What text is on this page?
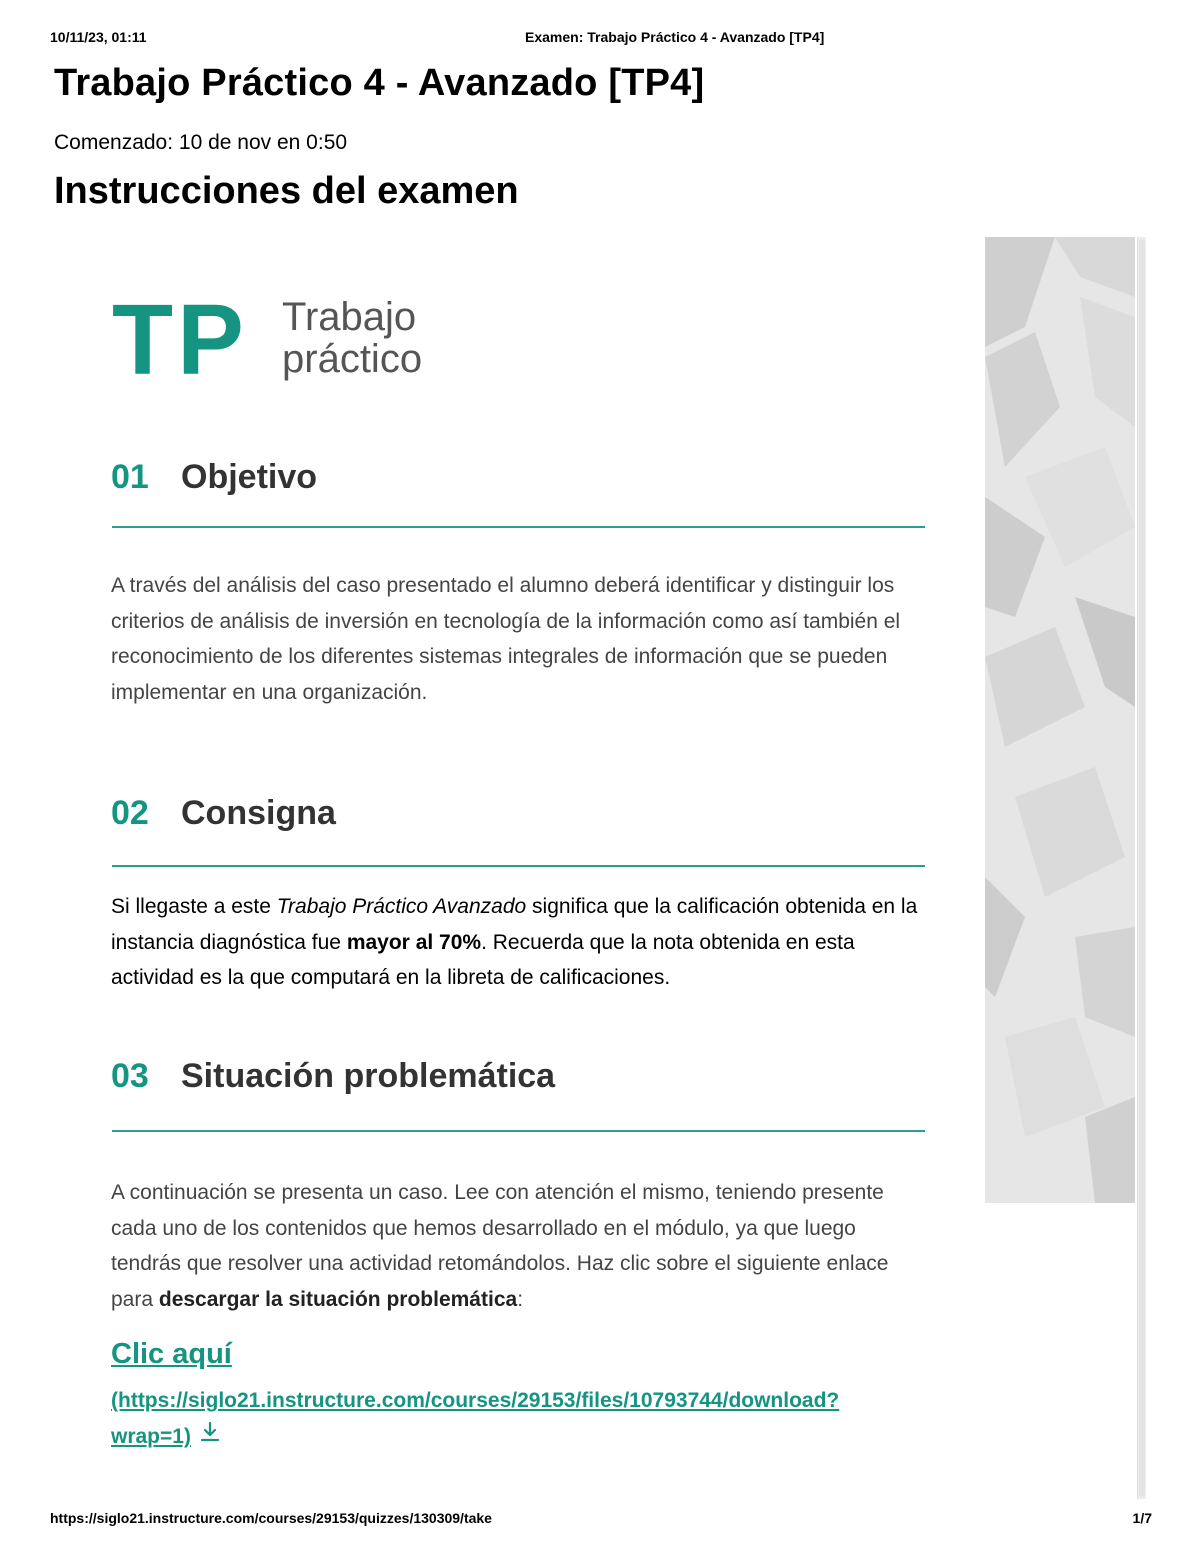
10/11/23, 01:11	Examen: Trabajo Práctico 4 - Avanzado [TP4]
Trabajo Práctico 4 - Avanzado [TP4]
Comenzado: 10 de nov en 0:50
Instrucciones del examen
TP Trabajo
práctico
01 Objetivo

A través del análisis del caso presentado el alumno deberá identificar y distinguir los criterios de análisis de inversión en tecnología de la información como así también el reconocimiento de los diferentes sistemas integrales de información que se pueden implementar en una organización.

02 Consigna

Si llegaste a este Trabajo Práctico Avanzado significa que la calificación obtenida en la instancia diagnóstica fue mayor al 70%. Recuerda que la nota obtenida en esta actividad es la que computará en la libreta de calificaciones.

03 Situación problemática

A continuación se presenta un caso. Lee con atención el mismo, teniendo presente cada uno de los contenidos que hemos desarrollado en el módulo, ya que luego tendrás que resolver una actividad retomándolos. Haz clic sobre el siguiente enlace para descargar la situación problemática:

Clic aquí
(https://siglo21.instructure.com/courses/29153/files/10793744/download?wrap=1)
https://siglo21.instructure.com/courses/29153/quizzes/130309/take	1/7
